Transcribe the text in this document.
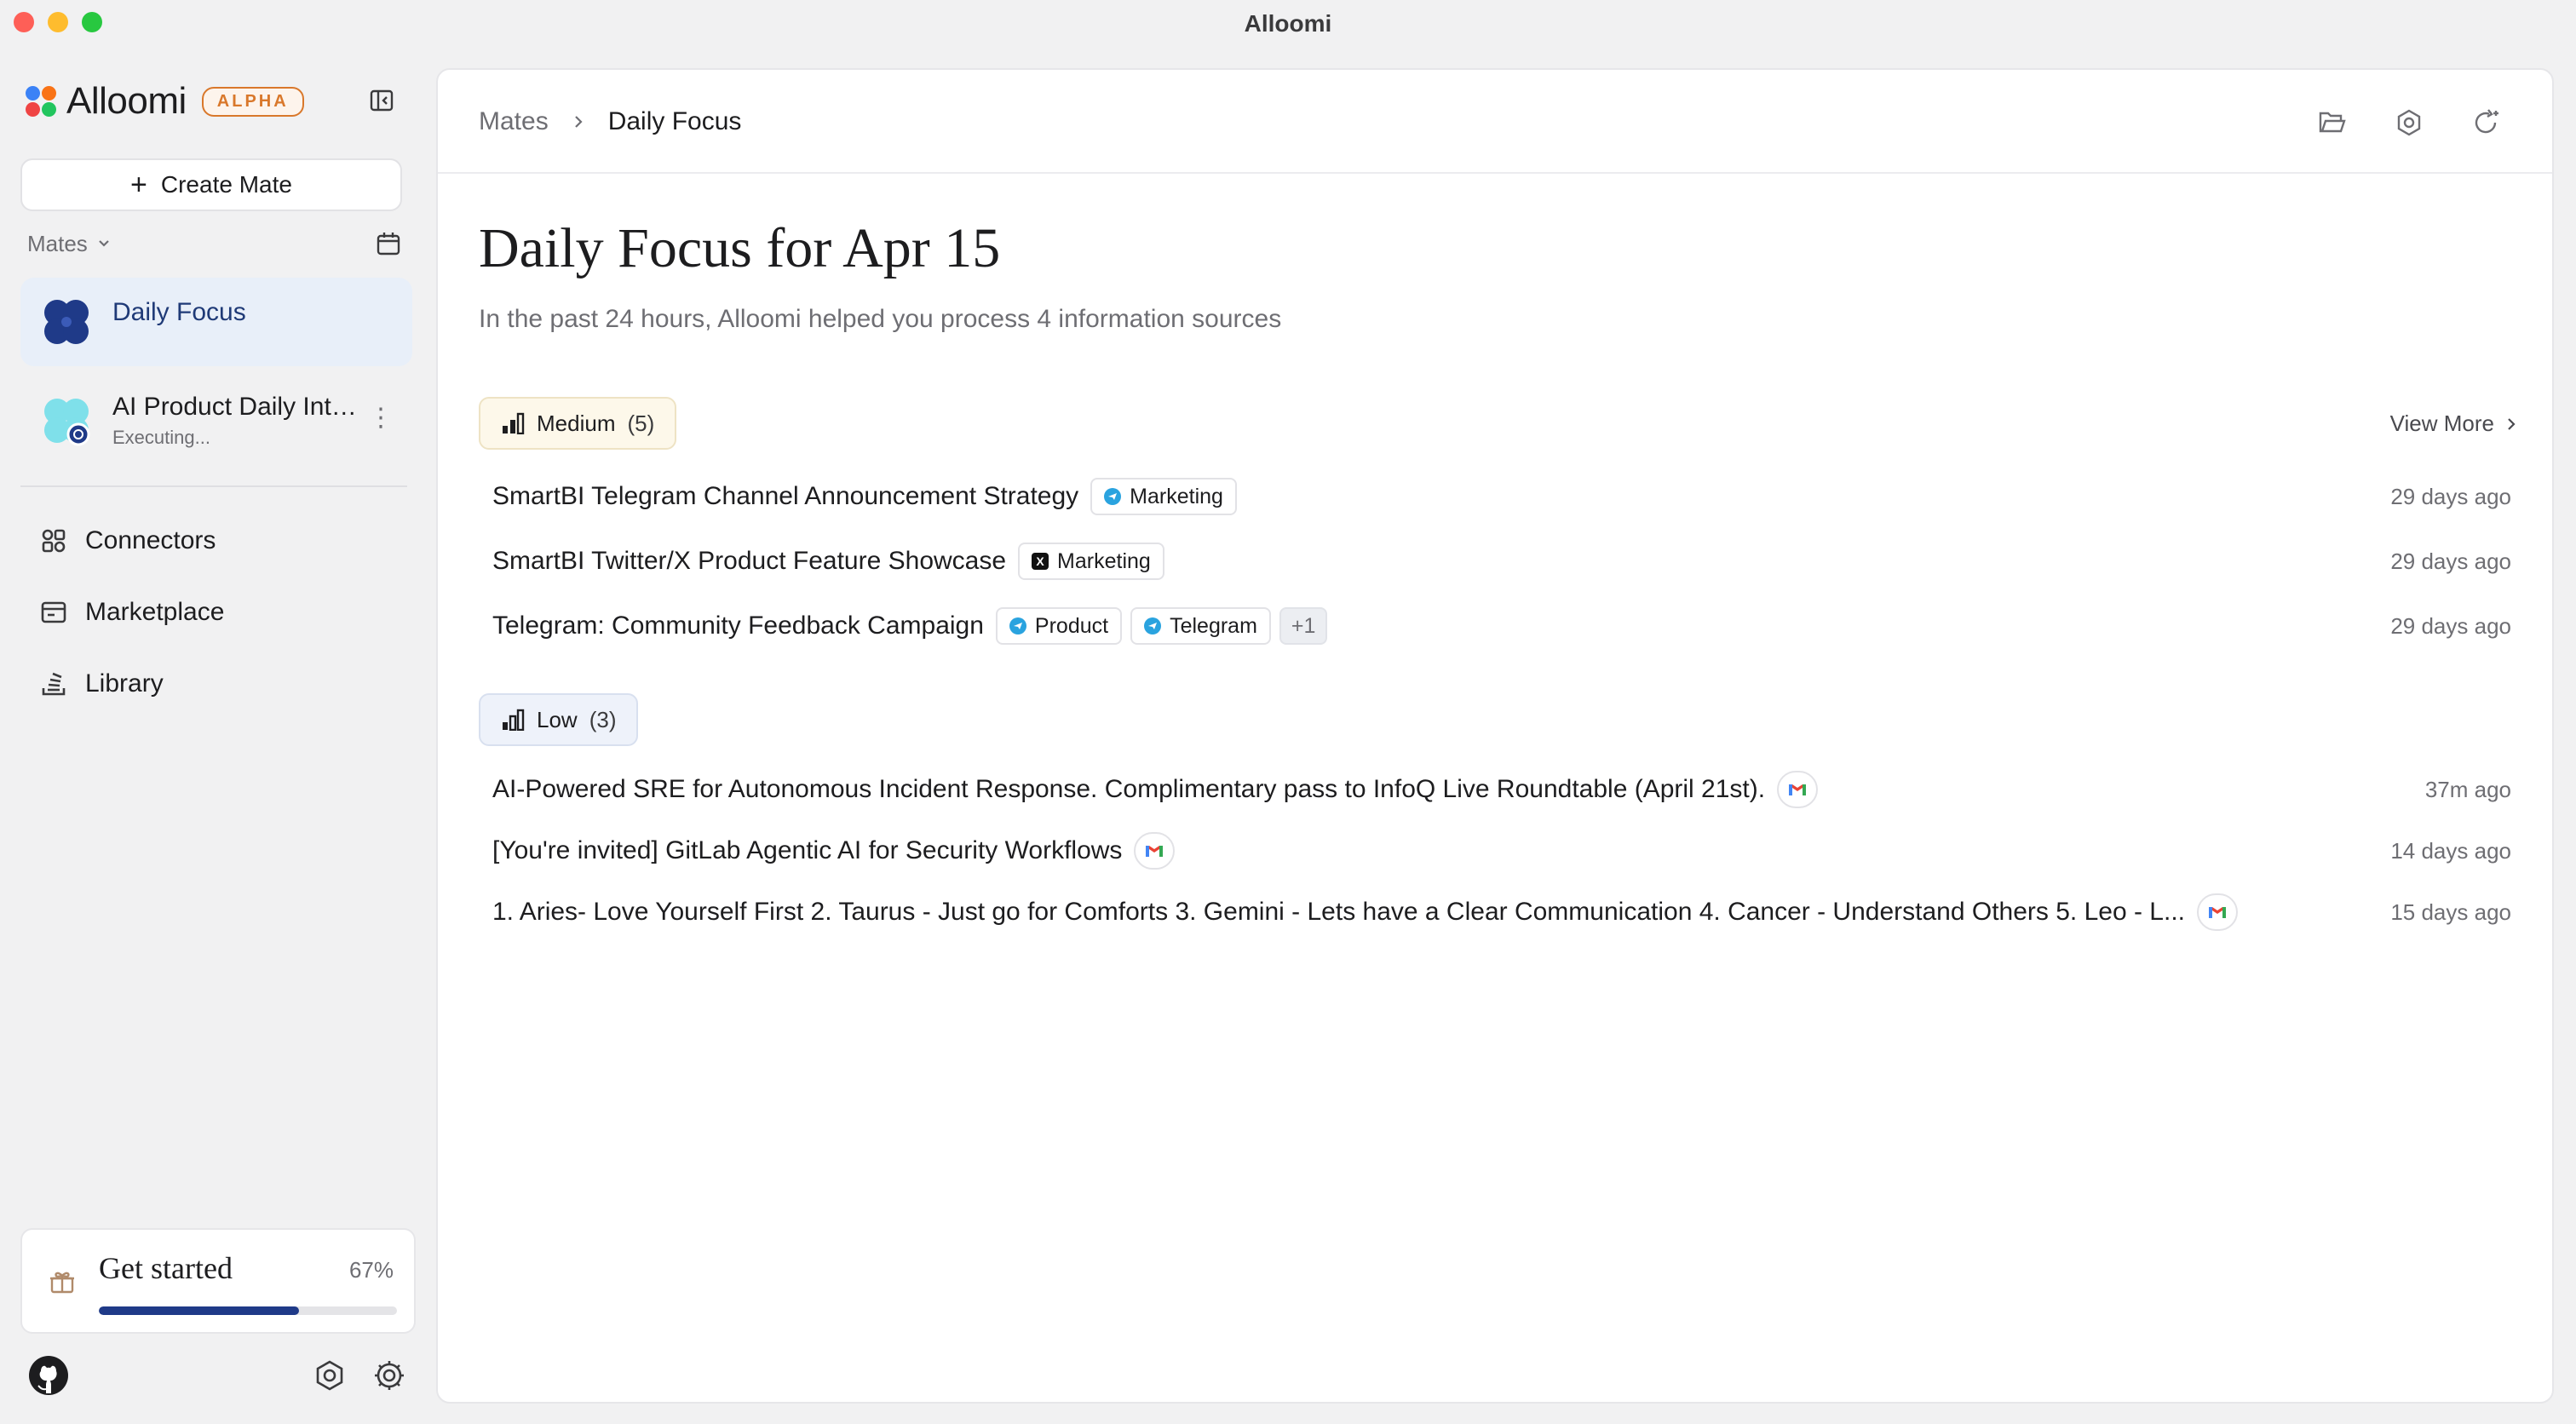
Alloomi
Alloomi	ALPHA
+ Create Mate
Mates
Daily Focus
AI Product Daily Int…
Executing...
⋮
Connectors
Marketplace
Library
Get started	67%
Mates Daily Focus
Daily Focus for Apr 15
In the past 24 hours, Alloomi helped you process 4 information sources
Medium (5)	View More
SmartBI Telegram Channel Announcement Strategy Marketing	29 days ago
SmartBI Twitter/X Product Feature Showcase	X Marketing	29 days ago
Telegram: Community Feedback Campaign Product	Telegram	+1	29 days ago
Low (3)
AI-Powered SRE for Autonomous Incident Response. Complimentary pass to InfoQ Live Roundtable (April 21st).	37m ago
[You're invited] GitLab Agentic AI for Security Workflows	14 days ago
1. Aries- Love Yourself First 2. Taurus - Just go for Comforts 3. Gemini - Lets have a Clear Communication 4. Cancer - Understand Others 5. Leo - L...	15 days ago
